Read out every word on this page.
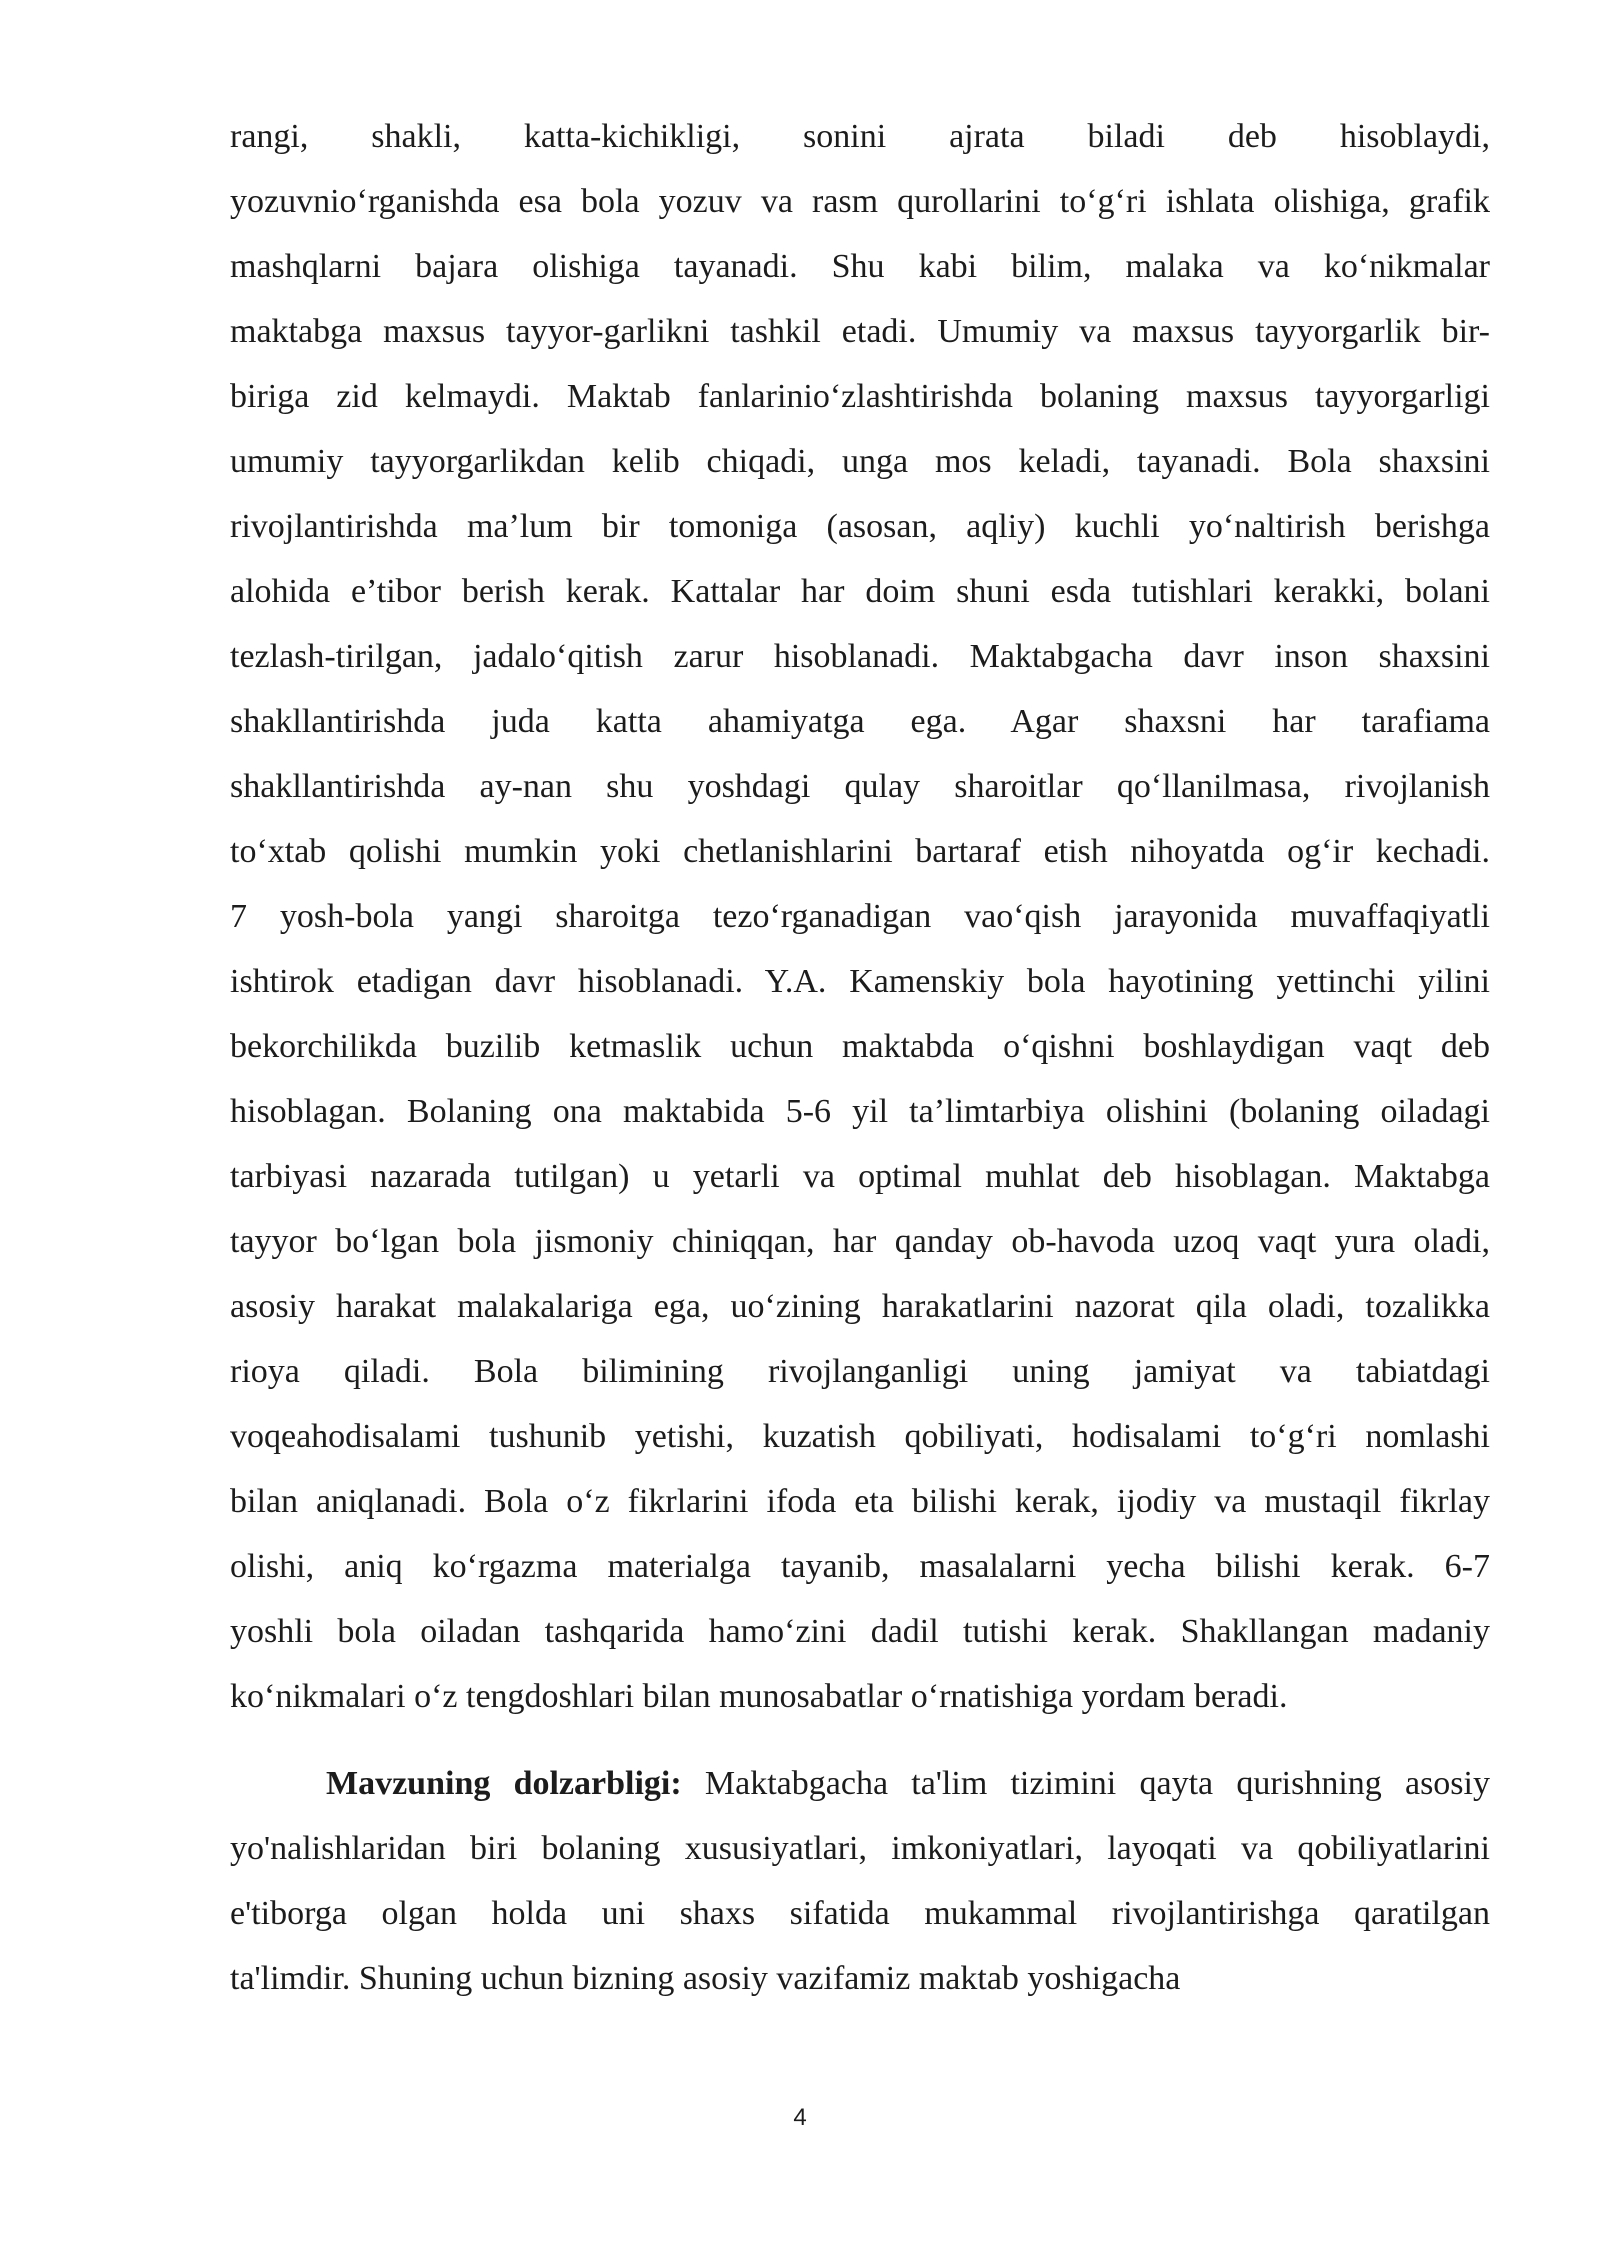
rangi, shakli, katta-kichikligi, sonini ajrata biladi deb hisoblaydi,
yozuvnio‘rganishda esa bola yozuv va rasm qurollarini to‘g‘ri ishlata olishiga, grafik
mashqlarni bajara olishiga tayanadi. Shu kabi bilim, malaka va ko‘nikmalar
maktabga maxsus tayyor-garlikni tashkil etadi. Umumiy va maxsus tayyorgarlik bir-
biriga zid kelmaydi. Maktab fanlarinio‘zlashtirishda bolaning maxsus tayyorgarligi
umumiy tayyorgarlikdan kelib chiqadi, unga mos keladi, tayanadi. Bola shaxsini
rivojlantirishda ma’lum bir tomoniga (asosan, aqliy) kuchli yo‘naltirish berishga
alohida e’tibor berish kerak. Kattalar har doim shuni esda tutishlari kerakki, bolani
tezlash-tirilgan, jadalo‘qitish zarur hisoblanadi. Maktabgacha davr inson shaxsini
shakllantirishda juda katta ahamiyatga ega. Agar shaxsni har tarafiama
shakllantirishda ay-nan shu yoshdagi qulay sharoitlar qo‘llanilmasa, rivojlanish
to‘xtab qolishi mumkin yoki chetlanishlarini bartaraf etish nihoyatda og‘ir kechadi.
7 yosh-bola yangi sharoitga tezo‘rganadigan vao‘qish jarayonida muvaffaqiyatli
ishtirok etadigan davr hisoblanadi. Y.A. Kamenskiy bola hayotining yettinchi yilini
bekorchilikda buzilib ketmaslik uchun maktabda o‘qishni boshlaydigan vaqt deb
hisoblagan. Bolaning ona maktabida 5-6 yil ta’limtarbiya olishini (bolaning oiladagi
tarbiyasi nazarada tutilgan) u yetarli va optimal muhlat deb hisoblagan. Maktabga
tayyor bo‘lgan bola jismoniy chiniqqan, har qanday ob-havoda uzoq vaqt yura oladi,
asosiy harakat malakalariga ega, uo‘zining harakatlarini nazorat qila oladi, tozalikka
rioya qiladi. Bola bilimining rivojlanganligi uning jamiyat va tabiatdagi
voqeahodisalami tushunib yetishi, kuzatish qobiliyati, hodisalami to‘g‘ri nomlashi
bilan aniqlanadi. Bola o‘z fikrlarini ifoda eta bilishi kerak, ijodiy va mustaqil fikrlay
olishi, aniq ko‘rgazma materialga tayanib, masalalarni yecha bilishi kerak. 6-7
yoshli bola oiladan tashqarida hamo‘zini dadil tutishi kerak. Shakllangan madaniy
ko‘nikmalari o‘z tengdoshlari bilan munosabatlar o‘rnatishiga yordam beradi.
Mavzuning dolzarbligi: Maktabgacha ta'lim tizimini qayta qurishning asosiy
yo'nalishlaridan biri bolaning xususiyatlari, imkoniyatlari, layoqati va qobiliyatlarini
e'tiborga olgan holda uni shaxs sifatida mukammal rivojlantirishga qaratilgan
ta'limdir. Shuning uchun bizning asosiy vazifamiz maktab yoshigacha
4
